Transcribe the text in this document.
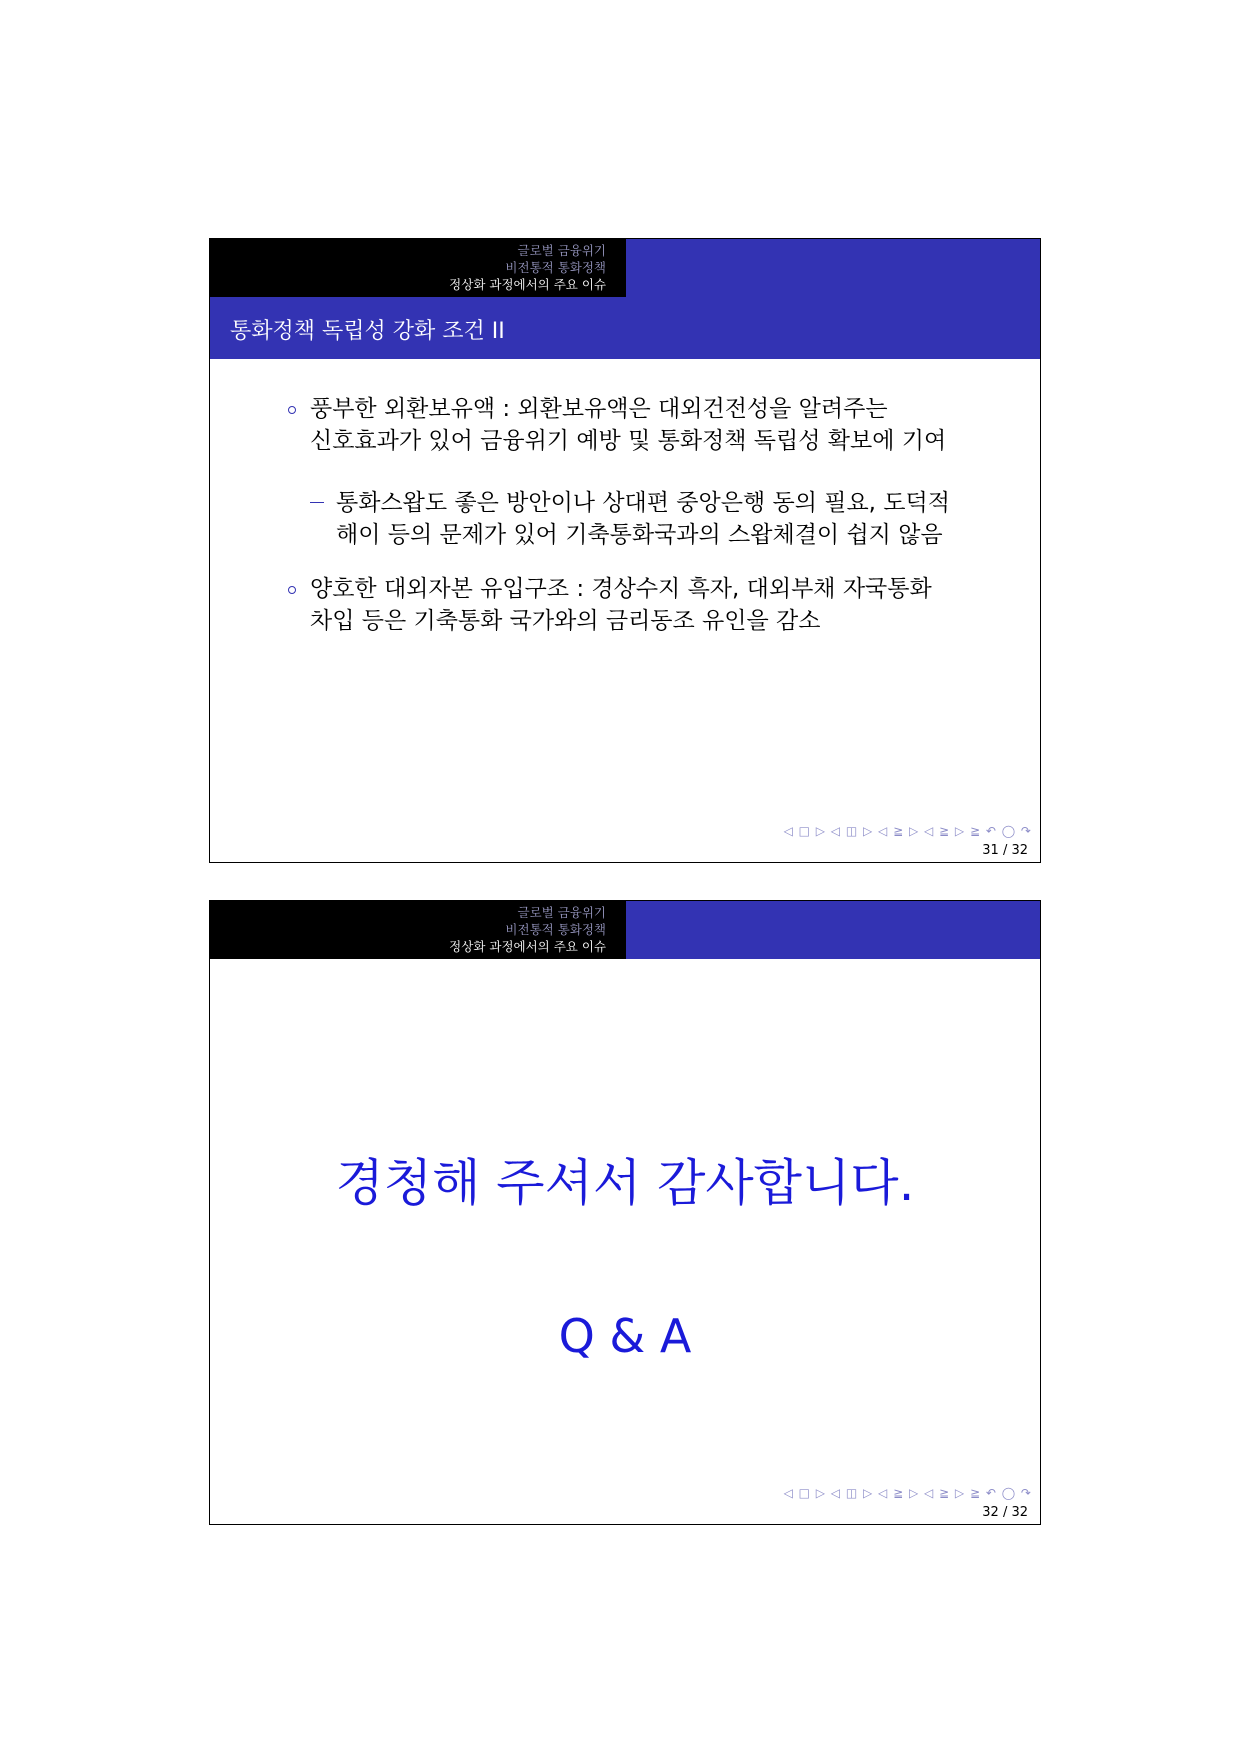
글로벌 금융위기
비전통적 통화정책
정상화 과정에서의 주요 이슈
통화정책 독립성 강화 조건 II
풍부한 외환보유액 : 외환보유액은 대외건전성을 알려주는
신호효과가 있어 금융위기 예방 및 통화정책 독립성 확보에 기여
통화스왑도 좋은 방안이나 상대편 중앙은행 동의 필요, 도덕적
해이 등의 문제가 있어 기축통화국과의 스왑체결이 쉽지 않음
양호한 대외자본 유입구조 : 경상수지 흑자, 대외부채 자국통화
차입 등은 기축통화 국가와의 금리동조 유인을 감소
◁ □ ▷ ◁ ◫ ▷ ◁ ≧ ▷ ◁ ≧ ▷ ≧ ↶ ◯ ↷
31 / 32
글로벌 금융위기
비전통적 통화정책
정상화 과정에서의 주요 이슈
경청해 주셔서 감사합니다.
Q & A
◁ □ ▷ ◁ ◫ ▷ ◁ ≧ ▷ ◁ ≧ ▷ ≧ ↶ ◯ ↷
32 / 32
